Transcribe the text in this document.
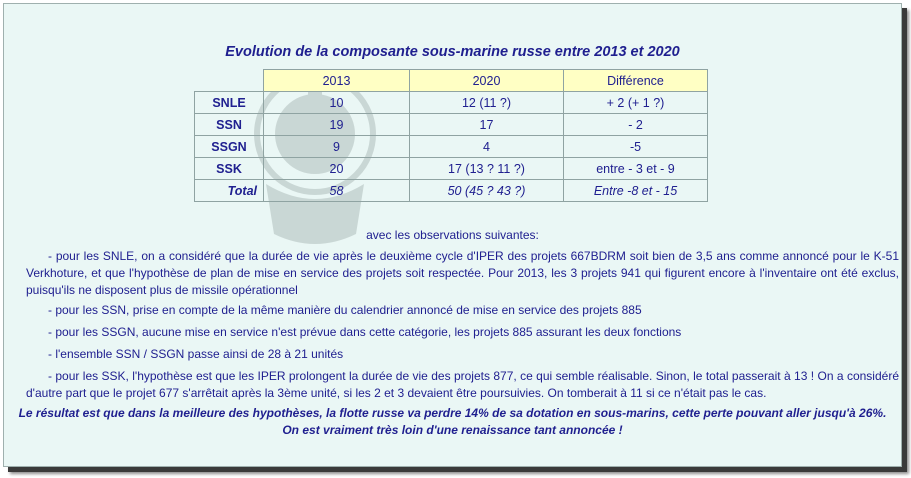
Evolution de la composante sous-marine russe entre 2013 et 2020
	2013	2020	Différence
SNLE	10	12 (11 ?)	+ 2 (+ 1 ?)
SSN	19	17	- 2
SSGN	9	4	-5
SSK	20	17 (13 ? 11 ?)	entre - 3 et - 9
Total	58	50 (45 ? 43 ?)	Entre -8 et - 15
avec les observations suivantes:

- pour les SNLE, on a considéré que la durée de vie après le deuxième cycle d'IPER des projets 667BDRM soit bien de 3,5 ans comme annoncé pour le K-51 Verkhoture, et que l'hypothèse de plan de mise en service des projets soit respectée. Pour 2013, les 3 projets 941 qui figurent encore à l'inventaire ont été exclus, puisqu'ils ne disposent plus de missile opérationnel

- pour les SSN, prise en compte de la même manière du calendrier annoncé de mise en service des projets 885

- pour les SSGN, aucune mise en service n'est prévue dans cette catégorie, les projets 885 assurant les deux fonctions

- l'ensemble SSN / SSGN passe ainsi de 28 à 21 unités

- pour les SSK, l'hypothèse est que les IPER prolongent la durée de vie des projets 877, ce qui semble réalisable. Sinon, le total passerait à 13 ! On a considéré d'autre part que le projet 677 s'arrêtait après la 3ème unité, si les 2 et 3 devaient être poursuivies. On tomberait à 11 si ce n'était pas le cas.

Le résultat est que dans la meilleure des hypothèses, la flotte russe va perdre 14% de sa dotation en sous-marins, cette perte pouvant aller jusqu'à 26%.
On est vraiment très loin d'une renaissance tant annoncée !
